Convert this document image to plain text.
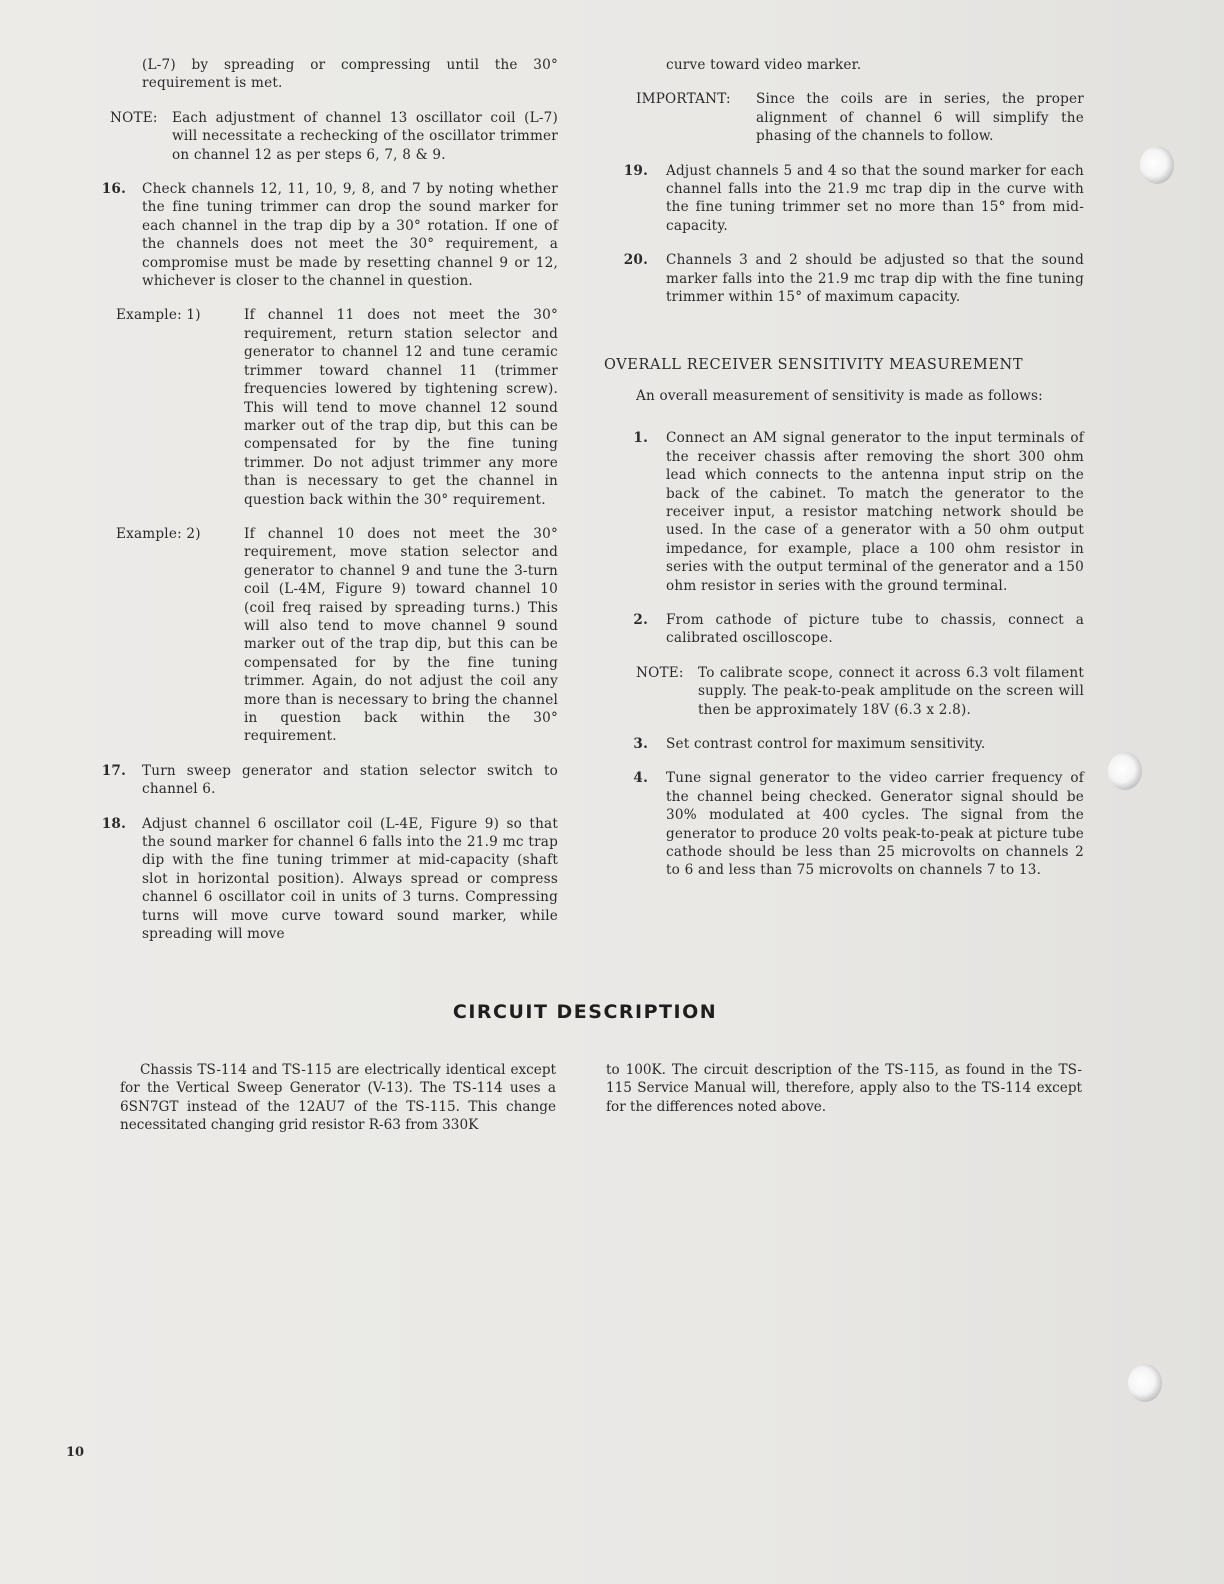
(L-7) by spreading or compressing until the 30° requirement is met.

NOTE:	Each adjustment of channel 13 oscillator coil (L-7) will necessitate a rechecking of the oscillator trimmer on channel 12 as per steps 6, 7, 8 & 9.
16. Check channels 12, 11, 10, 9, 8, and 7 by noting whether the fine tuning trimmer can drop the sound marker for each channel in the trap dip by a 30° rotation. If one of the channels does not meet the 30° requirement, a compromise must be made by resetting channel 9 or 12, whichever is closer to the channel in question.
Example: 1)	If channel 11 does not meet the 30° requirement, return station selector and generator to channel 12 and tune ceramic trimmer toward channel 11 (trimmer frequencies lowered by tightening screw). This will tend to move channel 12 sound marker out of the trap dip, but this can be compensated for by the fine tuning trimmer. Do not adjust trimmer any more than is necessary to get the channel in question back within the 30° requirement.
Example: 2)	If channel 10 does not meet the 30° requirement, move station selector and generator to channel 9 and tune the 3-turn coil (L-4M, Figure 9) toward channel 10 (coil freq raised by spreading turns.) This will also tend to move channel 9 sound marker out of the trap dip, but this can be compensated for by the fine tuning trimmer. Again, do not adjust the coil any more than is necessary to bring the channel in question back within the 30° requirement.
17. Turn sweep generator and station selector switch to channel 6.
18. Adjust channel 6 oscillator coil (L-4E, Figure 9) so that the sound marker for channel 6 falls into the 21.9 mc trap dip with the fine tuning trimmer at mid-capacity (shaft slot in horizontal position). Always spread or compress channel 6 oscillator coil in units of 3 turns. Compressing turns will move curve toward sound marker, while spreading will move

curve toward video marker.

IMPORTANT:	Since the coils are in series, the proper alignment of channel 6 will simplify the phasing of the channels to follow.
19. Adjust channels 5 and 4 so that the sound marker for each channel falls into the 21.9 mc trap dip in the curve with the fine tuning trimmer set no more than 15° from mid-capacity.
20. Channels 3 and 2 should be adjusted so that the sound marker falls into the 21.9 mc trap dip with the fine tuning trimmer within 15° of maximum capacity.
OVERALL RECEIVER SENSITIVITY MEASUREMENT

An overall measurement of sensitivity is made as follows:

1. Connect an AM signal generator to the input terminals of the receiver chassis after removing the short 300 ohm lead which connects to the antenna input strip on the back of the cabinet. To match the generator to the receiver input, a resistor matching network should be used. In the case of a generator with a 50 ohm output impedance, for example, place a 100 ohm resistor in series with the output terminal of the generator and a 150 ohm resistor in series with the ground terminal.
2. From cathode of picture tube to chassis, connect a calibrated oscilloscope.
NOTE:	To calibrate scope, connect it across 6.3 volt filament supply. The peak-to-peak amplitude on the screen will then be approximately 18V (6.3 x 2.8).
3. Set contrast control for maximum sensitivity.
4. Tune signal generator to the video carrier frequency of the channel being checked. Generator signal should be 30% modulated at 400 cycles. The signal from the generator to produce 20 volts peak-to-peak at picture tube cathode should be less than 25 microvolts on channels 2 to 6 and less than 75 microvolts on channels 7 to 13.
CIRCUIT DESCRIPTION

Chassis TS-114 and TS-115 are electrically identical except for the Vertical Sweep Generator (V-13). The TS-114 uses a 6SN7GT instead of the 12AU7 of the TS-115. This change necessitated changing grid resistor R-63 from 330K

to 100K. The circuit description of the TS-115, as found in the TS-115 Service Manual will, therefore, apply also to the TS-114 except for the differences noted above.

10
